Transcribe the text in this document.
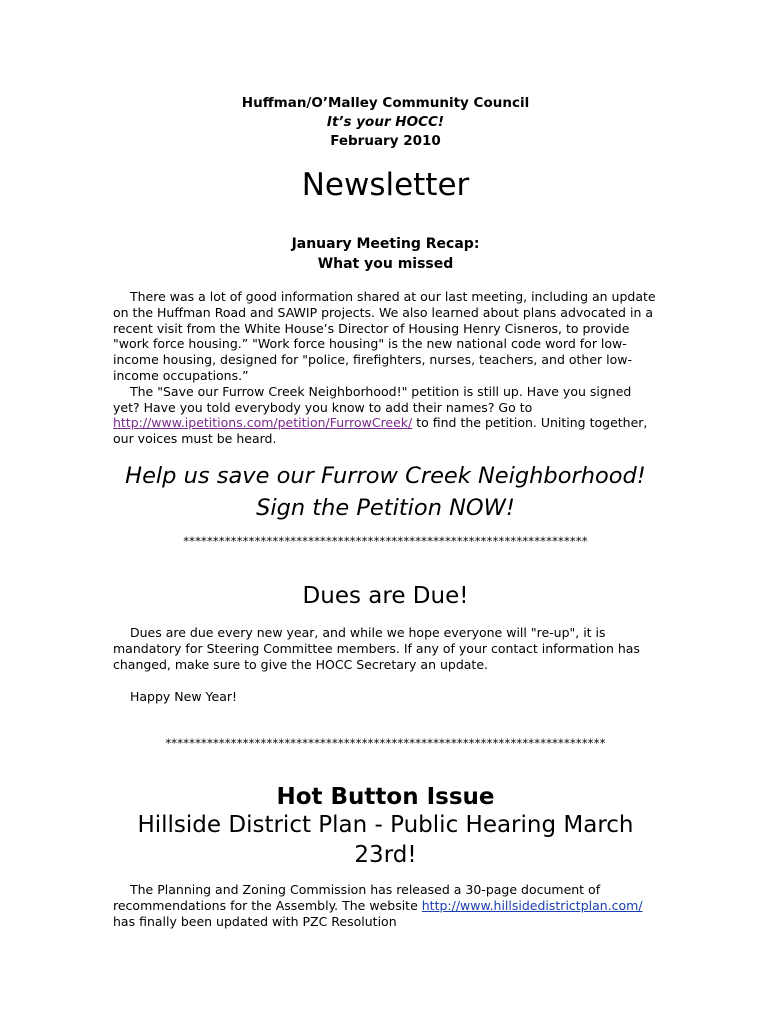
Huffman/O’Malley Community Council
It’s your HOCC!
February 2010
Newsletter
January Meeting Recap:
What you missed

There was a lot of good information shared at our last meeting, including an update on the Huffman Road and SAWIP projects. We also learned about plans advocated in a recent visit from the White House’s Director of Housing Henry Cisneros, to provide "work force housing.” "Work force housing" is the new national code word for low-income housing, designed for "police, firefighters, nurses, teachers, and other low-income occupations.”

The "Save our Furrow Creek Neighborhood!" petition is still up. Have you signed yet? Have you told everybody you know to add their names? Go to http://www.ipetitions.com/petition/FurrowCreek/ to find the petition. Uniting together, our voices must be heard.

Help us save our Furrow Creek Neighborhood!
Sign the Petition NOW!
********************************************************************
Dues are Due!

Dues are due every new year, and while we hope everyone will "re-up", it is mandatory for Steering Committee members. If any of your contact information has changed, make sure to give the HOCC Secretary an update.

Happy New Year!

**************************************************************************
Hot Button Issue
Hillside District Plan - Public Hearing March 23rd!

The Planning and Zoning Commission has released a 30-page document of recommendations for the Assembly. The website http://www.hillsidedistrictplan.com/ has finally been updated with PZC Resolution
